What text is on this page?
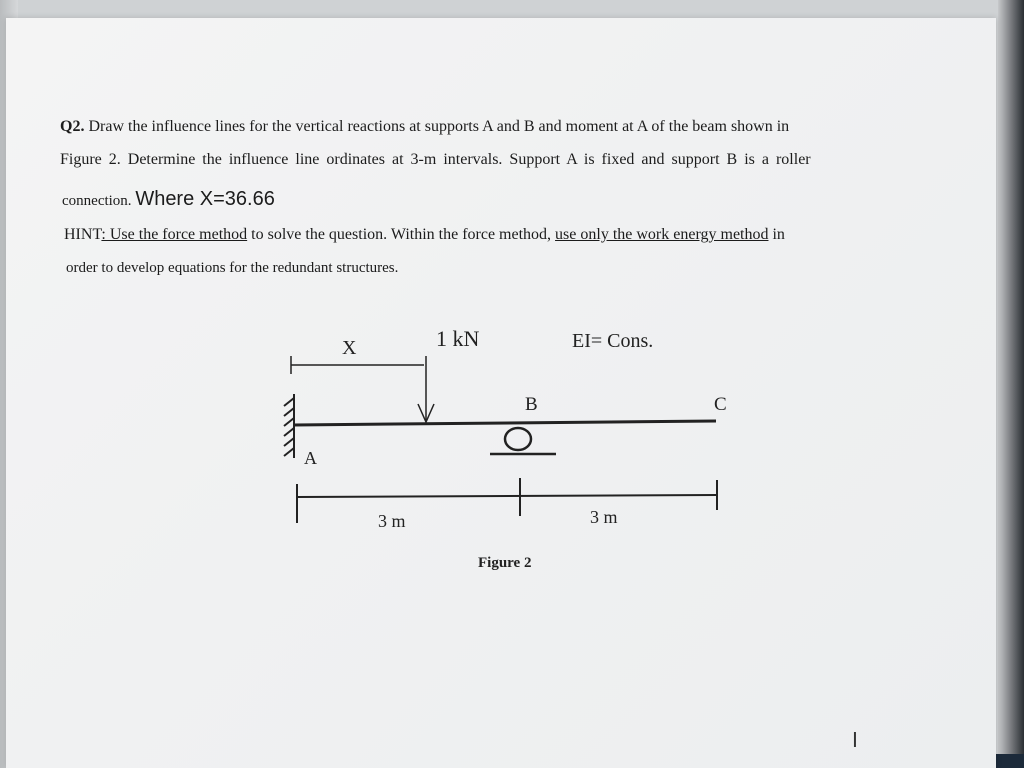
Q2. Draw the influence lines for the vertical reactions at supports A and B and moment at A of the beam shown in
Figure 2. Determine the influence line ordinates at 3-m intervals. Support A is fixed and support B is a roller
connection. Where X=36.66
HINT: Use the force method to solve the question. Within the force method, use only the work energy method in
order to develop equations for the redundant structures.
X	1 kN	EI= Cons.
A
B	C
3 m	3 m
Figure 2
I
